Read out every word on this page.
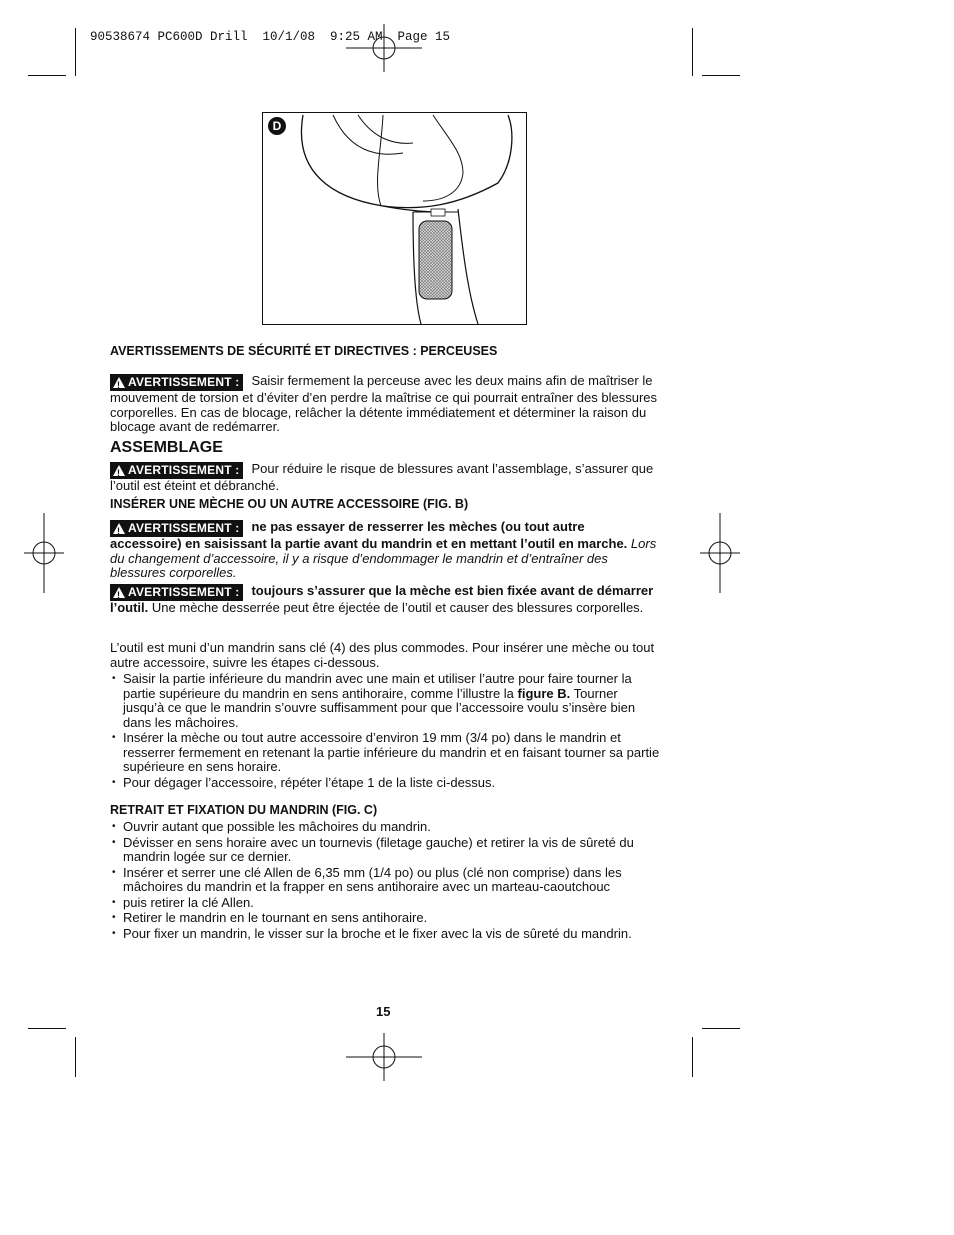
90538674 PC600D Drill  10/1/08  9:25 AM  Page 15
D
AVERTISSEMENTS DE SÉCURITÉ ET DIRECTIVES : PERCEUSES
!
AVERTISSEMENT : Saisir fermement la perceuse avec les deux mains afin de maîtriser le mouvement de torsion et d’éviter d’en perdre la maîtrise ce qui pourrait entraîner des blessures corporelles. En cas de blocage, relâcher la détente immédiatement et déterminer la raison du blocage avant de redémarrer.
ASSEMBLAGE
!
AVERTISSEMENT : Pour réduire le risque de blessures avant l’assemblage, s’assurer que l’outil est éteint et débranché.
INSÉRER UNE MÈCHE OU UN AUTRE ACCESSOIRE (FIG. B)
!
AVERTISSEMENT : ne pas essayer de resserrer les mèches (ou tout autre accessoire) en saisissant la partie avant du mandrin et en mettant l’outil en marche. Lors du changement d’accessoire, il y a risque d’endommager le mandrin et d’entraîner des blessures corporelles.
!
AVERTISSEMENT : toujours s’assurer que la mèche est bien fixée avant de démarrer l’outil. Une mèche desserrée peut être éjectée de l’outil et causer des blessures corporelles.
L’outil est muni d’un mandrin sans clé (4) des plus commodes. Pour insérer une mèche ou tout autre accessoire, suivre les étapes ci-dessous.
• Saisir la partie inférieure du mandrin avec une main et utiliser l’autre pour faire tourner la partie supérieure du mandrin en sens antihoraire, comme l’illustre la figure B. Tourner jusqu’à ce que le mandrin s’ouvre suffisamment pour que l’accessoire voulu s’insère bien dans les mâchoires.
• Insérer la mèche ou tout autre accessoire d’environ 19 mm (3/4 po) dans le mandrin et resserrer fermement en retenant la partie inférieure du mandrin et en faisant tourner sa partie supérieure en sens horaire.
• Pour dégager l’accessoire, répéter l’étape 1 de la liste ci-dessus.
RETRAIT ET FIXATION DU MANDRIN (FIG. C)
• Ouvrir autant que possible les mâchoires du mandrin.
• Dévisser en sens horaire avec un tournevis (filetage gauche) et retirer la vis de sûreté du mandrin logée sur ce dernier.
• Insérer et serrer une clé Allen de 6,35 mm (1/4 po) ou plus (clé non comprise) dans les mâchoires du mandrin et la frapper en sens antihoraire avec un marteau-caoutchouc
• puis retirer la clé Allen.
• Retirer le mandrin en le tournant en sens antihoraire.
• Pour fixer un mandrin, le visser sur la broche et le fixer avec la vis de sûreté du mandrin.
15
